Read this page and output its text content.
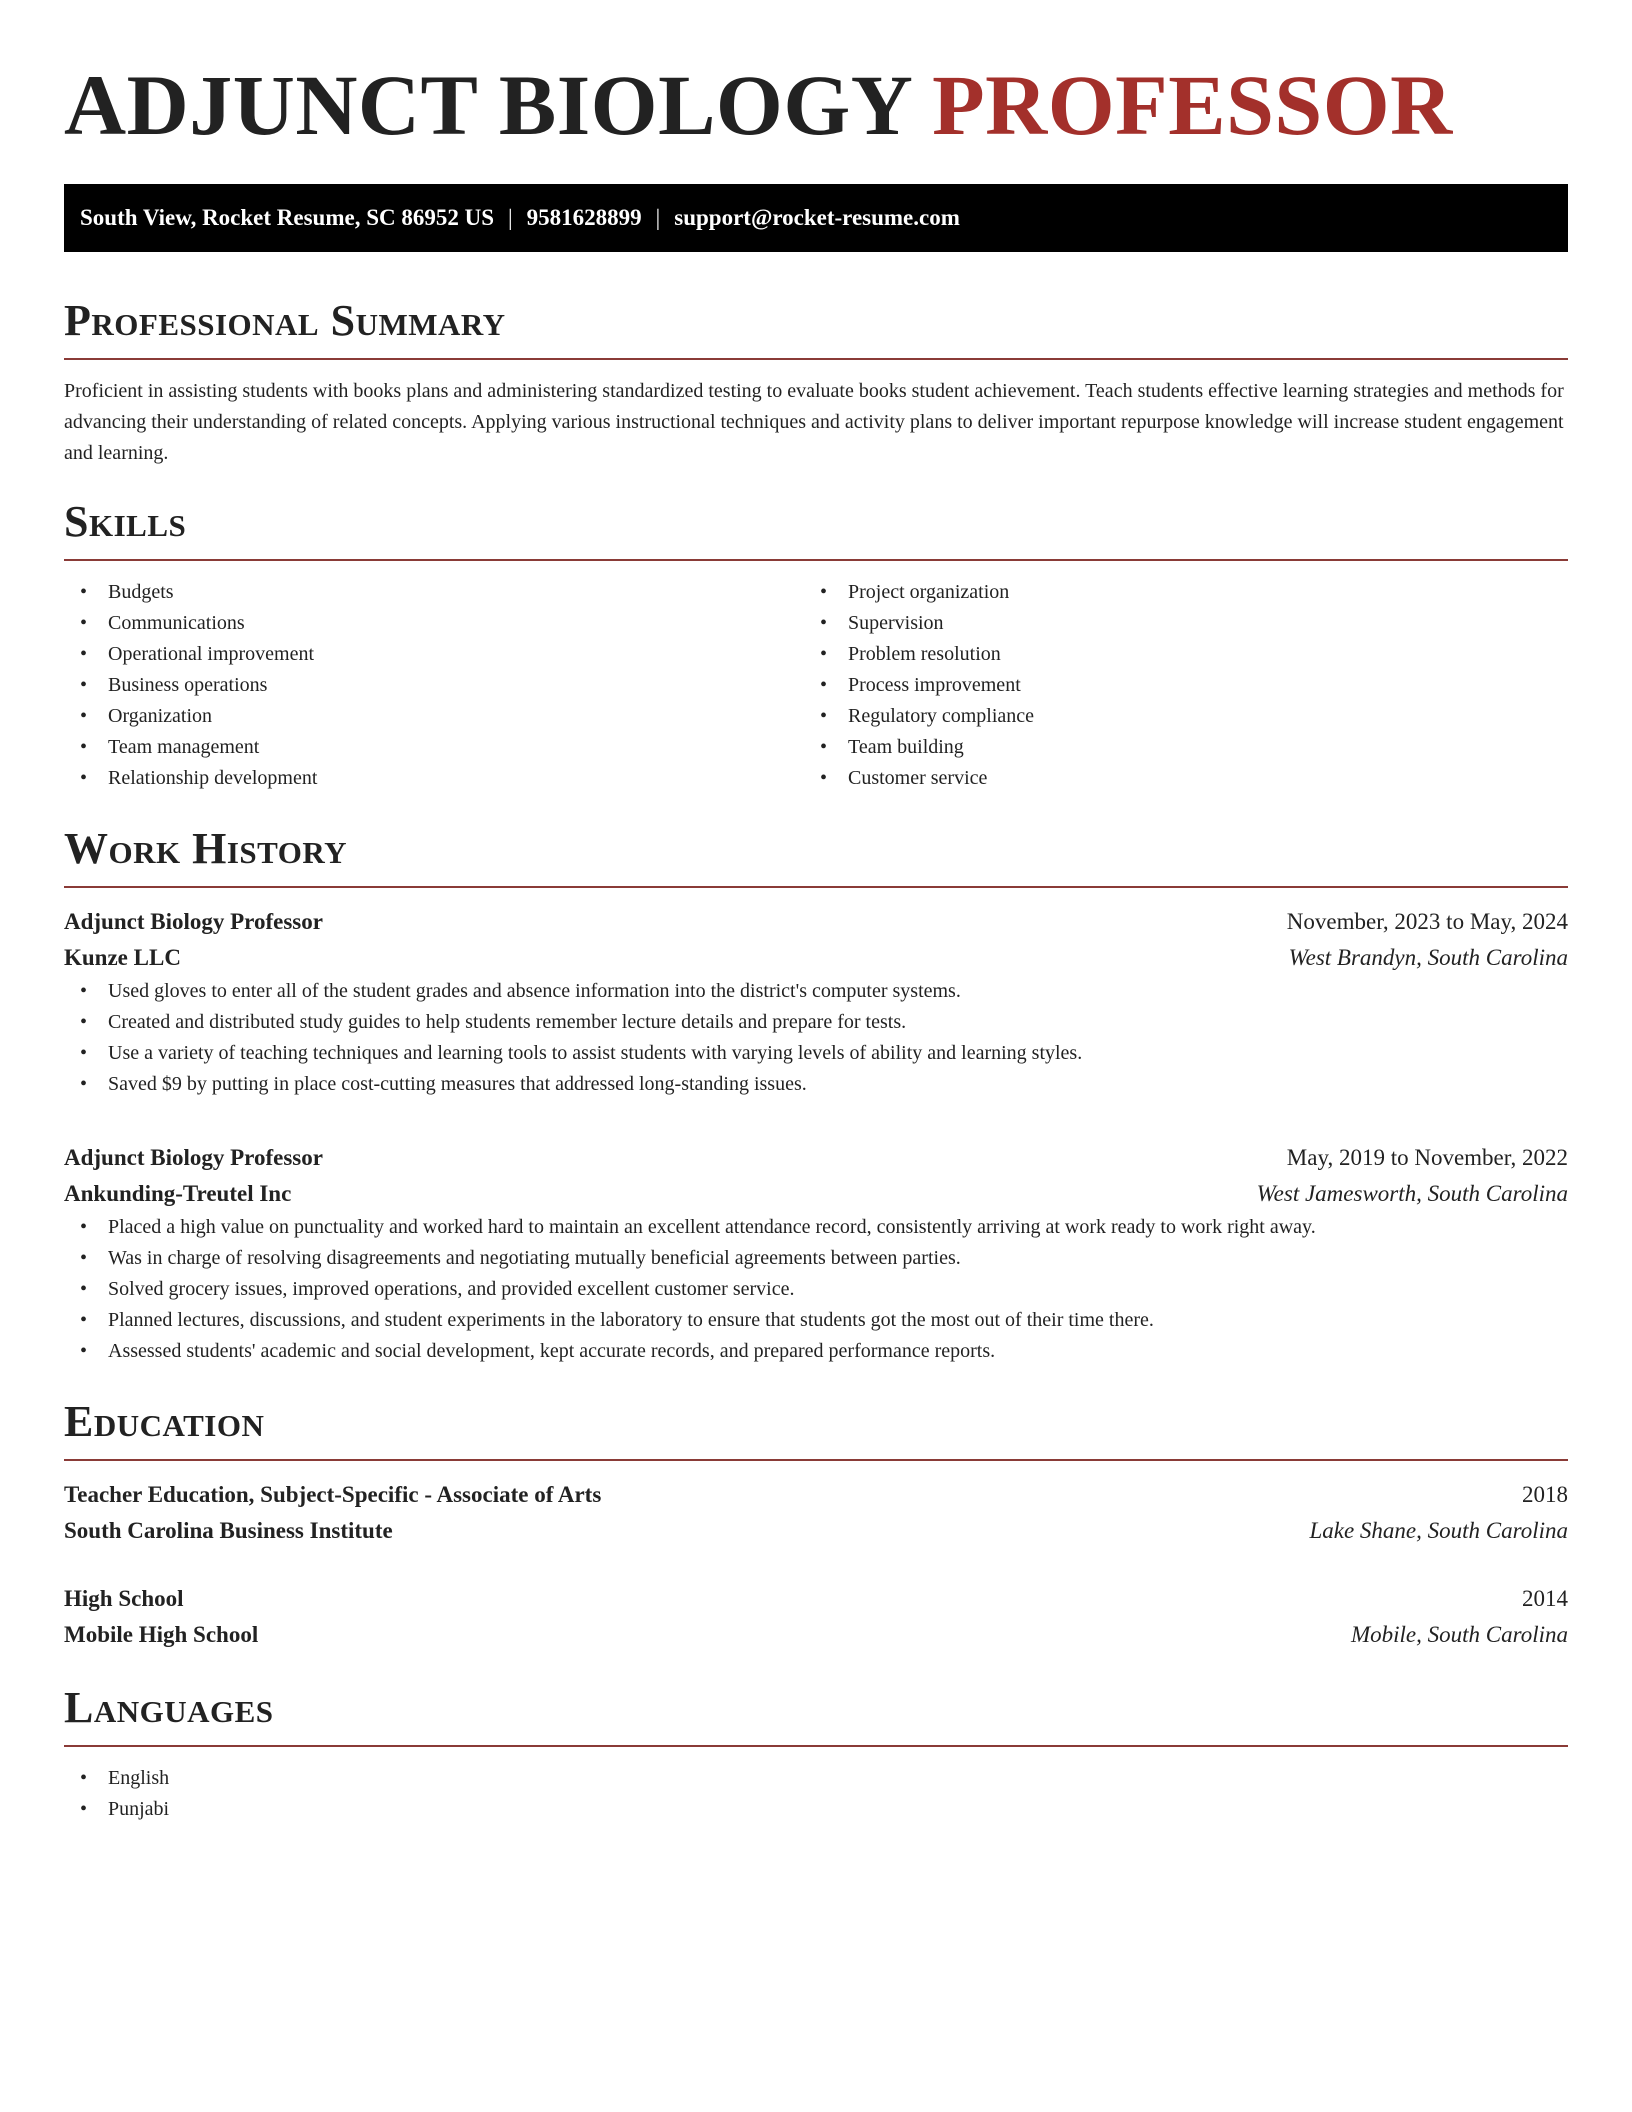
ADJUNCT BIOLOGY PROFESSOR
South View, Rocket Resume, SC 86952 US | 9581628899 | support@rocket-resume.com
Professional Summary

Proficient in assisting students with books plans and administering standardized testing to evaluate books student achievement. Teach students effective learning strategies and methods for advancing their understanding of related concepts. Applying various instructional techniques and activity plans to deliver important repurpose knowledge will increase student engagement and learning.

Skills
• Budgets
• Communications
• Operational improvement
• Business operations
• Organization
• Team management
• Relationship development
• Project organization
• Supervision
• Problem resolution
• Process improvement
• Regulatory compliance
• Team building
• Customer service
Work History
Adjunct Biology Professor	November, 2023 to May, 2024
Kunze LLC	West Brandyn, South Carolina
• Used gloves to enter all of the student grades and absence information into the district's computer systems.
• Created and distributed study guides to help students remember lecture details and prepare for tests.
• Use a variety of teaching techniques and learning tools to assist students with varying levels of ability and learning styles.
• Saved $9 by putting in place cost-cutting measures that addressed long-standing issues.
Adjunct Biology Professor	May, 2019 to November, 2022
Ankunding-Treutel Inc	West Jamesworth, South Carolina
• Placed a high value on punctuality and worked hard to maintain an excellent attendance record, consistently arriving at work ready to work right away.
• Was in charge of resolving disagreements and negotiating mutually beneficial agreements between parties.
• Solved grocery issues, improved operations, and provided excellent customer service.
• Planned lectures, discussions, and student experiments in the laboratory to ensure that students got the most out of their time there.
• Assessed students' academic and social development, kept accurate records, and prepared performance reports.
Education
Teacher Education, Subject-Specific - Associate of Arts	2018
South Carolina Business Institute	Lake Shane, South Carolina
High School	2014
Mobile High School	Mobile, South Carolina
Languages
• English
• Punjabi
